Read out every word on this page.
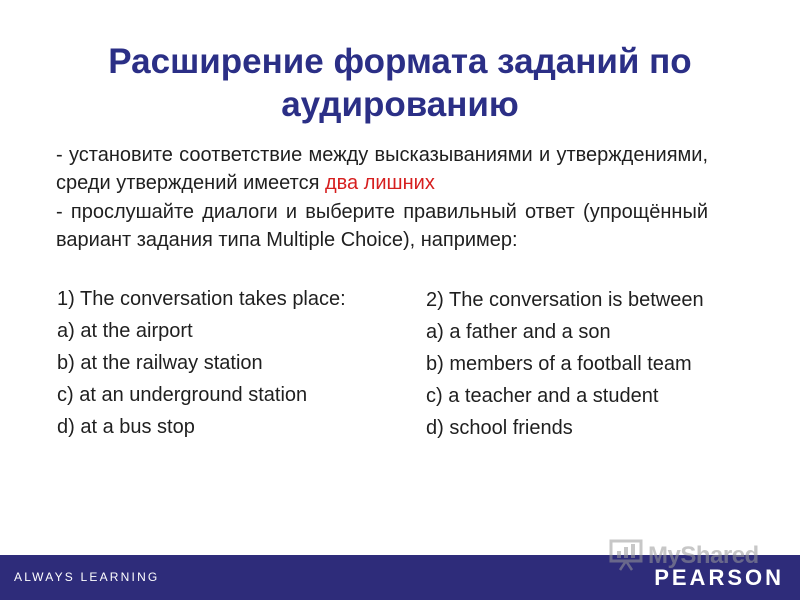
Расширение формата заданий по аудированию
- установите соответствие между высказываниями и утверждениями, среди утверждений имеется два лишних
- прослушайте диалоги и выберите правильный ответ (упрощённый вариант задания типа Multiple Choice), например:
1) The conversation takes place:
a) at the airport
b) at the railway station
c) at an underground station
d) at a bus stop
2) The conversation is between
a) a father and a son
b) members of a football team
c) a teacher and a student
d) school friends
ALWAYS LEARNING	PEARSON
MyShared
